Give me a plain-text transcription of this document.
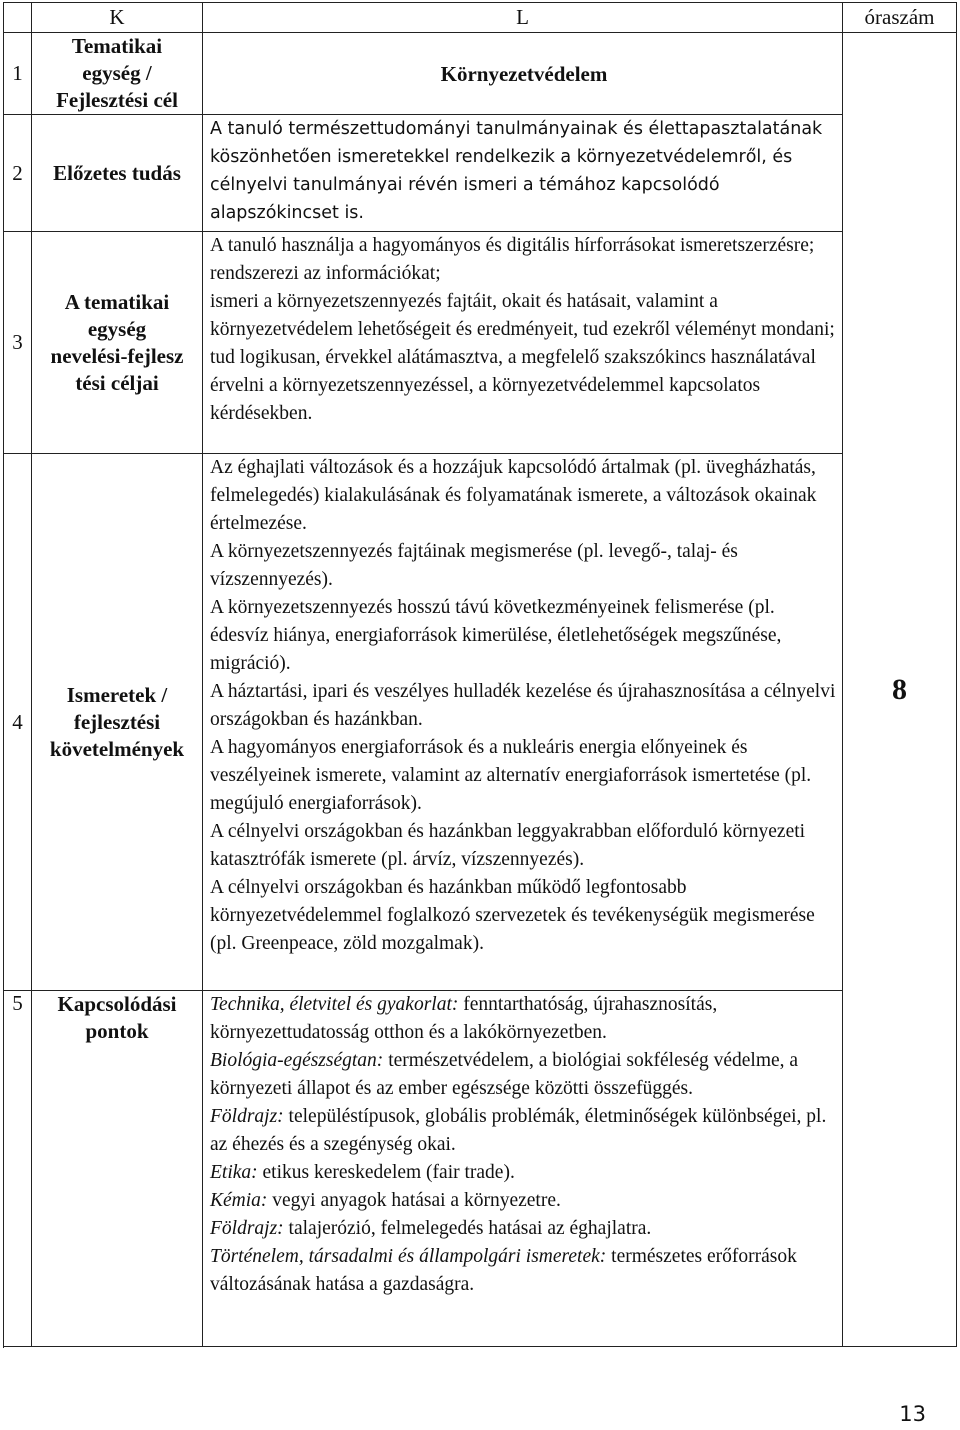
K	L	óraszám
1
Tematikai
egység /
Fejlesztési cél
Környezetvédelem
2 Előzetes tudás
A tanuló természettudományi tanulmányainak és élettapasztalatának köszönhetően ismeretekkel rendelkezik a környezetvédelemről, és célnyelvi tanulmányai révén ismeri a témához kapcsolódó alapszókincset is.
3
A tematikai
egység
nevelési-fejlesz
tési céljai
A tanuló használja a hagyományos és digitális hírforrásokat ismeretszerzésre; rendszerezi az információkat;
ismeri a környezetszennyezés fajtáit, okait és hatásait, valamint a környezetvédelem lehetőségeit és eredményeit, tud ezekről véleményt mondani;
tud logikusan, érvekkel alátámasztva, a megfelelő szakszókincs használatával érvelni a környezetszennyezéssel, a környezetvédelemmel kapcsolatos kérdésekben.
4
Ismeretek /
fejlesztési
követelmények
Az éghajlati változások és a hozzájuk kapcsolódó ártalmak (pl. üvegházhatás, felmelegedés) kialakulásának és folyamatának ismerete, a változások okainak értelmezése.
A környezetszennyezés fajtáinak megismerése (pl. levegő-, talaj- és vízszennyezés).
A környezetszennyezés hosszú távú következményeinek felismerése (pl. édesvíz hiánya, energiaforrások kimerülése, életlehetőségek megszűnése, migráció).
A háztartási, ipari és veszélyes hulladék kezelése és újrahasznosítása a célnyelvi országokban és hazánkban.
A hagyományos energiaforrások és a nukleáris energia előnyeinek és veszélyeinek ismerete, valamint az alternatív energiaforrások ismertetése (pl. megújuló energiaforrások).
A célnyelvi országokban és hazánkban leggyakrabban előforduló környezeti katasztrófák ismerete (pl. árvíz, vízszennyezés).
A célnyelvi országokban és hazánkban működő legfontosabb környezetvédelemmel foglalkozó szervezetek és tevékenységük megismerése (pl. Greenpeace, zöld mozgalmak).
5 Kapcsolódási
pontok
Technika, életvitel és gyakorlat: fenntarthatóság, újrahasznosítás, környezettudatosság otthon és a lakókörnyezetben.
Biológia-egészségtan: természetvédelem, a biológiai sokféleség védelme, a környezeti állapot és az ember egészsége közötti összefüggés.
Földrajz: településtípusok, globális problémák, életminőségek különbségei, pl. az éhezés és a szegénység okai.
Etika: etikus kereskedelem (fair trade).
Kémia: vegyi anyagok hatásai a környezetre.
Földrajz: talajerózió, felmelegedés hatásai az éghajlatra.
Történelem, társadalmi és állampolgári ismeretek: természetes erőforrások változásának hatása a gazdaságra.
8
13
